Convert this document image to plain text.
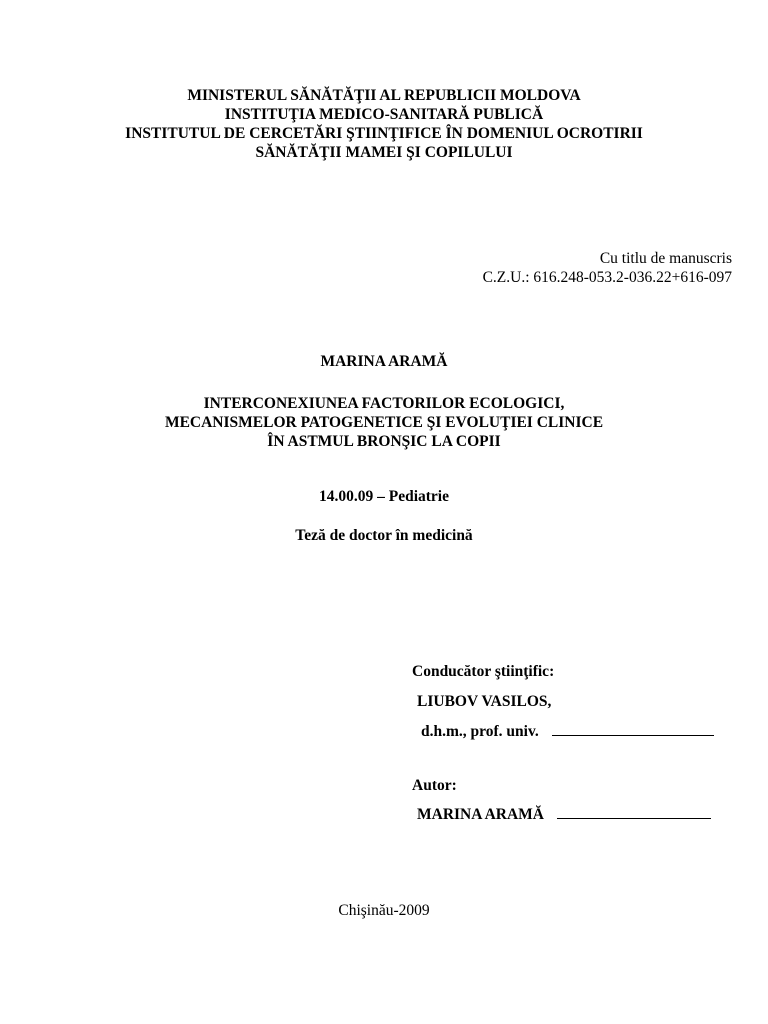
MINISTERUL SĂNĂTĂŢII AL REPUBLICII MOLDOVA
INSTITUŢIA MEDICO-SANITARĂ PUBLICĂ
INSTITUTUL DE CERCETĂRI ŞTIINŢIFICE ÎN DOMENIUL OCROTIRII
SĂNĂTĂŢII MAMEI ŞI COPILULUI
Cu titlu de manuscris
C.Z.U.: 616.248-053.2-036.22+616-097
MARINA ARAMĂ
INTERCONEXIUNEA FACTORILOR ECOLOGICI,
MECANISMELOR PATOGENETICE ŞI EVOLUŢIEI CLINICE
ÎN ASTMUL BRONŞIC LA COPII
14.00.09 – Pediatrie
Teză de doctor în medicină
Conducător ştiinţific:
LIUBOV VASILOS,
d.h.m., prof. univ.
Autor:
MARINA ARAMĂ
Chişinău-2009
